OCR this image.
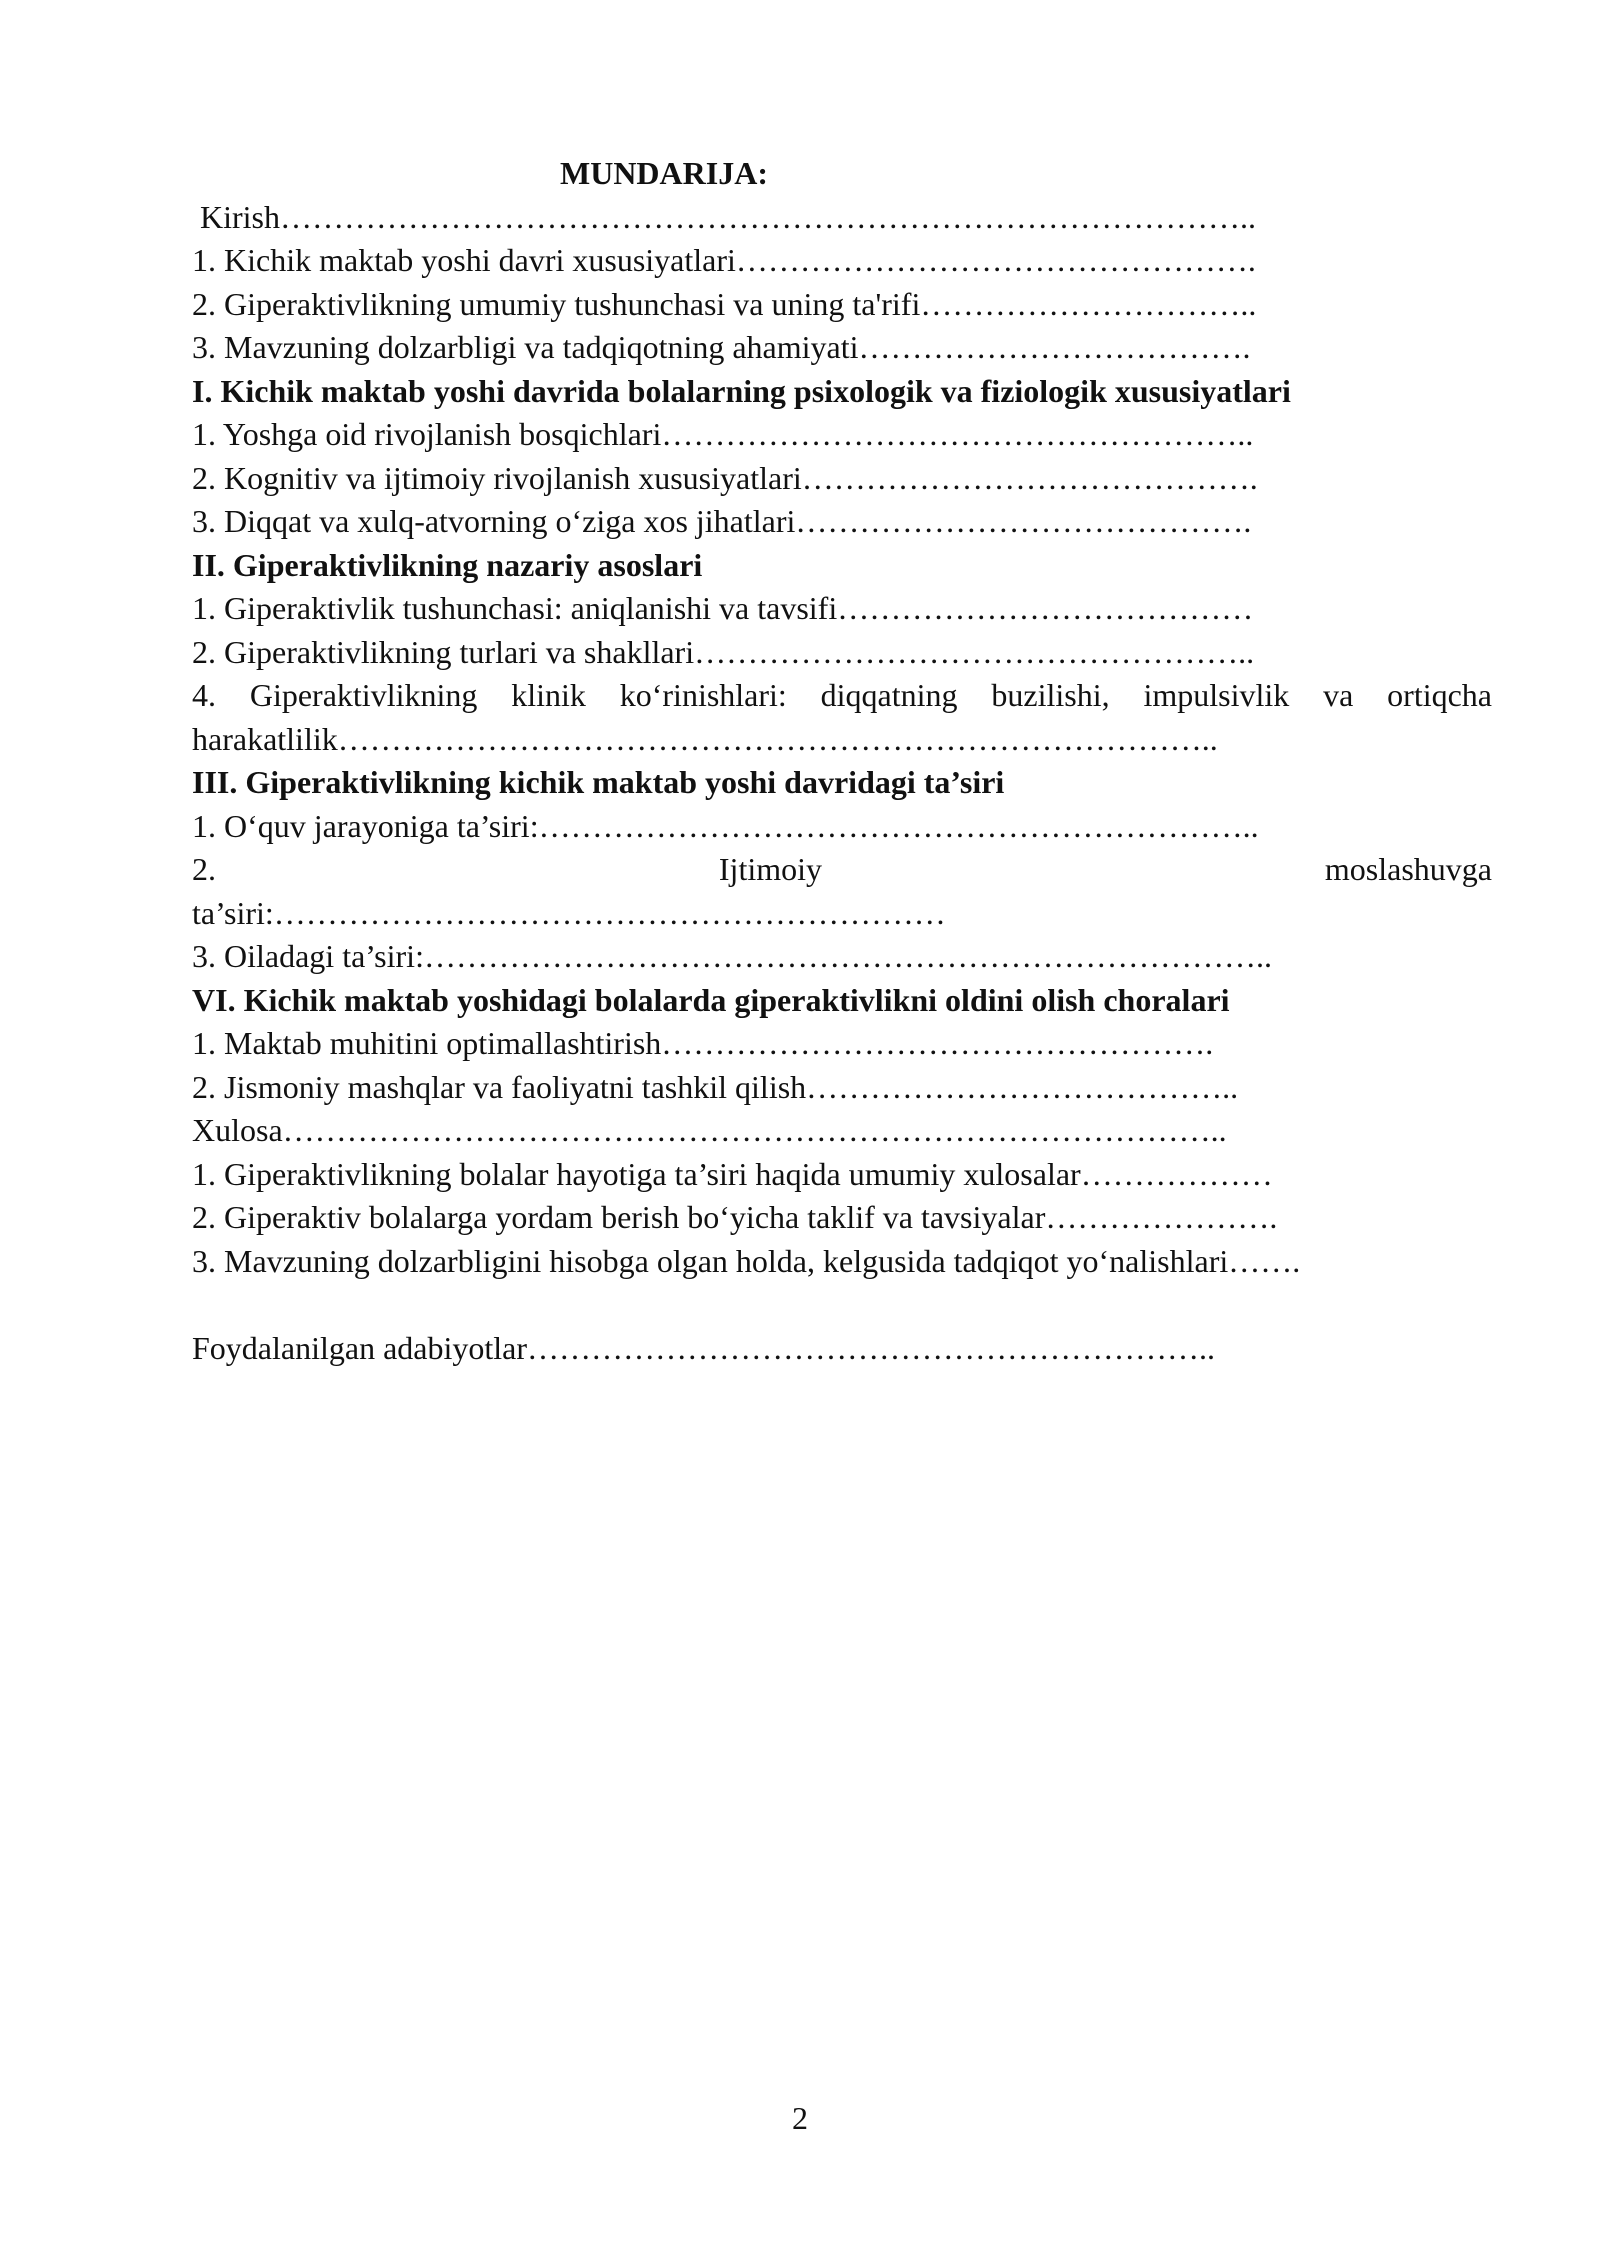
MUNDARIJA:
Kirish………………………………………………………………………………..
1. Kichik maktab yoshi davri xususiyatlari………………………………………….
2. Giperaktivlikning umumiy tushunchasi va uning ta'rifi…………………………..
3. Mavzuning dolzarbligi va tadqiqotning ahamiyati……………………………….
I. Kichik maktab yoshi davrida bolalarning psixologik va fiziologik xususiyatlari
1. Yoshga oid rivojlanish bosqichlari………………………………………………..
2. Kognitiv va ijtimoiy rivojlanish xususiyatlari…………………………………….
3. Diqqat va xulq-atvorning o‘ziga xos jihatlari…………………………………….
II. Giperaktivlikning nazariy asoslari
1. Giperaktivlik tushunchasi: aniqlanishi va tavsifi…………………………………
2. Giperaktivlikning turlari va shakllari……………………………………………..
4. Giperaktivlikning klinik ko‘rinishlari: diqqatning buzilishi, impulsivlik va ortiqcha harakatlilik………………………………………………………………………..
III. Giperaktivlikning kichik maktab yoshi davridagi ta’siri
1. O‘quv jarayoniga ta’siri:…………………………………………………………..
2. Ijtimoiy moslashuvga ta’siri:………………………………………………………
3. Oiladagi ta’siri:……………………………………………………………………..
VI. Kichik maktab yoshidagi bolalarda giperaktivlikni oldini olish choralari
1. Maktab muhitini optimallashtirish…………………………………………….
2. Jismoniy mashqlar va faoliyatni tashkil qilish…………………………………..
Xulosa……………………………………………………………………………..
1. Giperaktivlikning bolalar hayotiga ta’siri haqida umumiy xulosalar………………
2. Giperaktiv bolalarga yordam berish bo‘yicha taklif va tavsiyalar………………….
3. Mavzuning dolzarbligini hisobga olgan holda, kelgusida tadqiqot yo‘nalishlari…….
Foydalanilgan adabiyotlar………………………………………………………..
2
